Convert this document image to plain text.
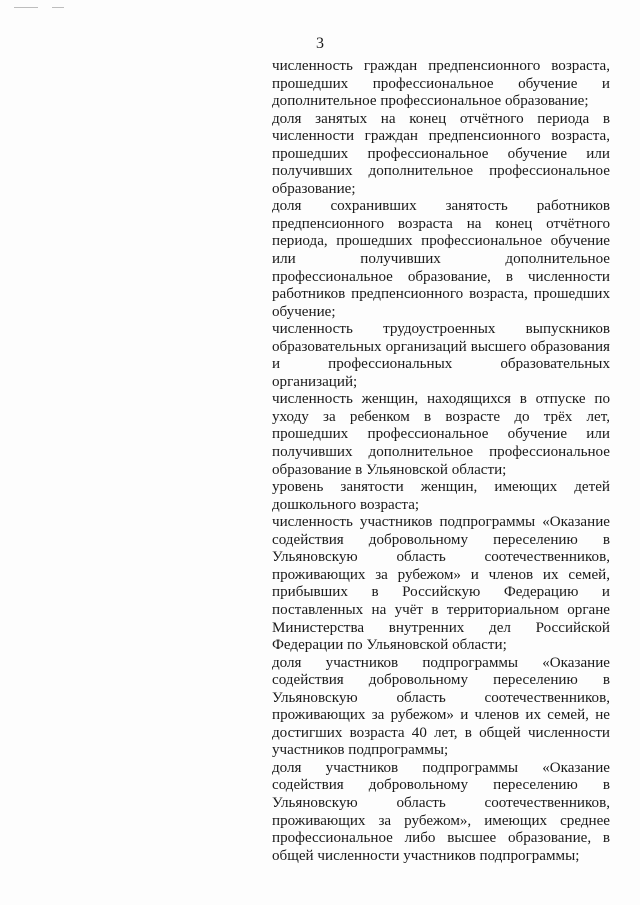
3

численность граждан предпенсионного возраста, прошедших профессиональное обучение и дополнительное профессиональное образование;

доля занятых на конец отчётного периода в численности граждан предпенсионного возраста, прошедших профессиональное обучение или получивших дополнительное профессиональное образование;

доля сохранивших занятость работников предпенсионного возраста на конец отчётного периода, прошедших профессиональное обучение или получивших дополнительное профессиональное образование, в численности работников предпенсионного возраста, прошедших обучение;

численность трудоустроенных выпускников образовательных организаций высшего образования и профессиональных образовательных организаций;

численность женщин, находящихся в отпуске по уходу за ребенком в возрасте до трёх лет, прошедших профессиональное обучение или получивших дополнительное профессиональное образование в Ульяновской области;

уровень занятости женщин, имеющих детей дошкольного возраста;

численность участников подпрограммы «Оказание содействия добровольному переселению в Ульяновскую область соотечественников, проживающих за рубежом» и членов их семей, прибывших в Российскую Федерацию и поставленных на учёт в территориальном органе Министерства внутренних дел Российской Федерации по Ульяновской области;

доля участников подпрограммы «Оказание содействия добровольному переселению в Ульяновскую область соотечественников, проживающих за рубежом» и членов их семей, не достигших возраста 40 лет, в общей численности участников подпрограммы;

доля участников подпрограммы «Оказание содействия добровольному переселению в Ульяновскую область соотечественников, проживающих за рубежом», имеющих среднее профессиональное либо высшее образование, в общей численности участников подпрограммы;
